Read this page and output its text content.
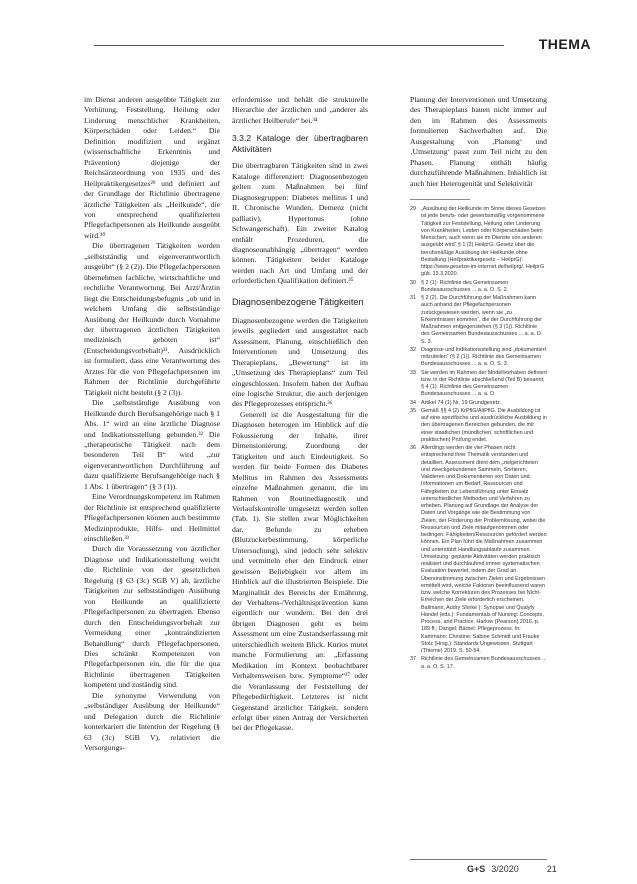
THEMA

im Dienst anderen ausgeübte Tätigkeit zur Verhütung, Feststellung, Heilung oder Linderung menschlicher Krankheiten, Körperschäden oder Leiden.“ Die Definition modifiziert und ergänzt (wissenschaftliche Erkenntnis und Prävention) diejenige der Reichsärzteordnung von 1935 und des Heilpraktikergesetzes²⁹ und definiert auf der Grundlage der Richtlinie übertragene ärztliche Tätigkeiten als „Heilkunde“, die von entsprechend qualifizierten Pflegefachpersonen als Heilkunde ausgeübt wird.³⁰

Die übertragenen Tätigkeiten werden „selbstständig und eigenverantwortlich ausgeübt“ (§ 2 (2)). Die Pflegefachpersonen übernehmen fachliche, wirtschaftliche und rechtliche Verantwortung. Bei Arzt/Ärztin liegt die Entscheidungsbefugnis „ob und in welchem Umfang die selbstständige Ausübung der Heilkunde durch Vornahme der übertragenen ärztlichen Tätigkeiten medizinisch geboten ist“ (Entscheidungsvorbehalt)³¹. Ausdrücklich ist formuliert, dass eine Verantwortung des Arztes für die von Pflegefachpersonen im Rahmen der Richtlinie durchgeführte Tätigkeit nicht besteht (§ 2 (3)).

Die „selbstständige Ausübung von Heilkunde durch Berufsangehörige nach § 1 Abs. 1“ wird an eine ärztliche Diagnose und Indikationsstellung gebunden.³² Die „therapeutische Tätigkeit nach dem besonderen Teil B“ wird „zur eigenverantwortlichen Durchführung auf dazu qualifizierte Berufsangehörige nach § 1 Abs. 1 übertragen“ (§ 3 (1)).

Eine Verordnungskompetenz im Rahmen der Richtlinie ist entsprechend qualifizierte Pflegefachpersonen können auch bestimmte Medizinprodukte, Hilfs- und Heilmittel einschließen.³³

Durch die Voraussetzung von ärztlicher Diagnose und Indikationsstellung weicht die Richtlinie von der gesetzlichen Regelung (§ 63 (3c) SGB V) ab, ärztliche Tätigkeiten zur selbstständigen Ausübung von Heilkunde an qualifizierte Pflegefachpersonen zu übertragen. Ebenso durch den Entscheidungsvorbehalt zur Vermeidung einer „kontraindizierten Behandlung“ durch Pflegefachpersonen. Dies schränkt Kompetenzen von Pflegefachpersonen ein, die für die qua Richtlinie übertragenen Tätigkeiten kompetent und zuständig sind.

Die synonyme Verwendung von „selbständiger Ausübung der Heilkunde“ und Delegation durch die Richtlinie konterkariert die Intention der Regelung (§ 63 (3c) SGB V), relativiert die Versorgungs-

erfordernisse und behält die strukturelle Hierarchie der ärztlichen und „anderer als ärztlicher Heilberufe“ bei.³⁴

3.3.2 Kataloge der übertragbaren Aktivitäten

Die übertragbaren Tätigkeiten sind in zwei Kataloge differenziert: Diagnosenbezogen gelten zum Maßnahmen bei fünf Diagnosegruppen: Diabetes mellitus I und II, Chronische Wunden, Demenz (nicht palliativ), Hypertonus (ohne Schwangerschaft). Ein zweiter Katalog enthält Prozeduren, die diagnoseunabhängig „übertragen“ werden können. Tätigkeiten beider Kataloge werden nach Art und Umfang und der erforderlichen Qualifikation definiert.³⁵

Diagnosenbezogene Tätigkeiten

Diagnosenbezogene werden die Tätigkeiten jeweils gegliedert und ausgestaltet nach Assessment, Planung, einschließlich den Interventionen und Umsetzung des Therapieplans, „Bewertung“ ist im „Umsetzung des Therapieplans“ zum Teil eingeschlossen. Insofern haben der Aufbau eine logische Struktur, die auch derjenigen des Pflegeprozesses entspricht.³⁶

Generell ist die Ausgestaltung für die Diagnosen heterogen im Hinblick auf die Fokussierung der Inhalte, ihrer Dimensionierung, Zuordnung der Tätigkeiten und auch Eindeutigkeit. So werden für beide Formen des Diabetes Mellitus im Rahmen des Assessments einzelne Maßnahmen genannt, die im Rahmen von Routinediagnostik und Verlaufskontrolle umgesetzt werden sollen (Tab. 1). Sie stellen zwar Möglichkeiten dar, Befunde zu erheben (Blutzuckerbestimmung, körperliche Untersuchung), sind jedoch sehr selektiv und vermitteln eher den Eindruck einer gewissen Beliebigkeit vor allem im Hinblick auf die illustrierten Beispiele. Die Marginalität des Bereichs der Ernährung, der Verhaltens-/Verhältnisprävention kann eigentlich nur wundern. Bei den drei übrigen Diagnosen geht es beim Assessment um eine Zustandserfassung mit unterschiedlich weitem Blick. Kurios mutet manche Formulierung an: „Erfassung Medikation im Kontext beobachtbarer Verhaltensweisen bzw. Symptome“³⁷ oder die Veranlassung der Feststellung der Pflegebedürftigkeit. Letzteres ist nicht Gegenstand ärztlicher Tätigkeit, sondern erfolgt über einen Antrag der Versicherten bei der Pflegekasse.

Planung der Interventionen und Umsetzung des Therapieplans bauen nicht immer auf den im Rahmen des Assessments formulierten Sachverhalten auf. Die Ausgestaltung von ‚Planung‘ und ‚Umsetzung‘ passt zum Teil nicht zu den Phasen. Planung enthält häufig durchzuführende Maßnahmen. Inhaltlich ist auch hier Heterogenität und Selektivität

29 „Ausübung der Heilkunde im Sinne dieses Gesetzes ist jede berufs- oder gewerbsmäßig vorgenommene Tätigkeit zur Feststellung, Heilung oder Linderung von Krankheiten, Leiden oder Körperschäden beim Menschen, auch wenn sie im Dienste von anderen ausgeübt wird“ § 1 (2) HeilprG. Gesetz über die berufsmäßige Ausübung der Heilkunde ohne Bestallung (Heilpraktikergesetz – HeilprG): https://www.gesetze-im-internet.de/heilprg/. HeilprG gült. 13.3.2020.
30 § 2 (1): Richtlinie des Gemeinsamen Bundesausschusses ... a. a. O. S. 2.
31 § 2 (2). Die Durchführung der Maßnahmen kann auch anhand der Pflegefachpersonen zurückgewiesen werden, wenn sie „zu Erkenntnissen kommen“, die der Durchführung der Maßnahmen entgegenstehen (§ 3 (1)). Richtlinie des Gemeinsamen Bundesausschusses ... a. a. O. S. 3.
32 Diagnose und Indikationsstellung sind „dokumentiert mitzuteilen“ (§ 2 (1)). Richtlinie des Gemeinsamen Bundesausschusses ... a. a. O. S. 3.
33 Sie werden im Rahmen der Modellvorhaben definiert bzw. in der Richtlinie abschließend (Teil B) benannt; § 4 (1). Richtlinie des Gemeinsamen Bundesausschusses ... a. a. O.
34 Artikel 74 (1) Nr. 19 Grundgesetz.
35 Gemäß §§ 4 (2) KrPflG/AltPflG. Die Ausbildung ist auf eine spezifische und ausdrückliche Ausbildung in den übertragenen Bereichen gebunden, die mit einer staatlichen (mündlichen, schriftlichen und praktischen) Prüfung endet.
36 Allerdings werden die vier Phasen nicht entsprechend ihrer Thematik verstanden und detailliert. Assessment dient dem „zielgerichteten und zweckgebundenen Sammeln, Sortieren, Validieren und Dokumentieren von Daten und Informationen um Bedarf, Ressourcen und Fähigkeiten zur Lebensführung unter Einsatz unterschiedlicher Methoden und Verfahren zu erheben. Planung auf Grundlage der Analyse der Daten und Vorgänge wie die Bestimmung von Zielen, der Förderung der Problemlösung, wobei die Ressourcen und Ziele mitaufgenommen oder bedingen. Fähigkeiten/Ressourcen gefördert werden können. Ein Plan führt die Maßnahmen zusammen und unterstützt Handlungsabläufe zusammen. Umsetzung: geplante Aktivitäten werden praktisch realisiert und durchlaufend immer systematischen Evaluation bewertet, indem der Grad an Übereinstimmung zwischen Zielen und Ergebnissen ermittelt wird, welche Faktoren beeinflussend waren bzw. welche Korrekturen des Prozesses bei Nicht-Erreichen der Ziele erforderlich erscheinen. Ballmann, Audry Shirke ): Synopse und Qualyfy Handel (eds.): Fundamentals of Nursing: Concepts, Process, and Practice. Harlow (Pearson) 2016, p. 189 ff.; Dangel: Bärbel: Pflegeprozess. In: Kammann: Christine; Sabine Schmidt und Frauke Stolz (Hrsg.): Standards Ungewissen. Stuttgart (Thieme) 2019. S. 50-54.
37 Richtlinie des Gemeinsamen Bundesausschusses ... a. a. O. S. 17.
G+S 3/2020	21
